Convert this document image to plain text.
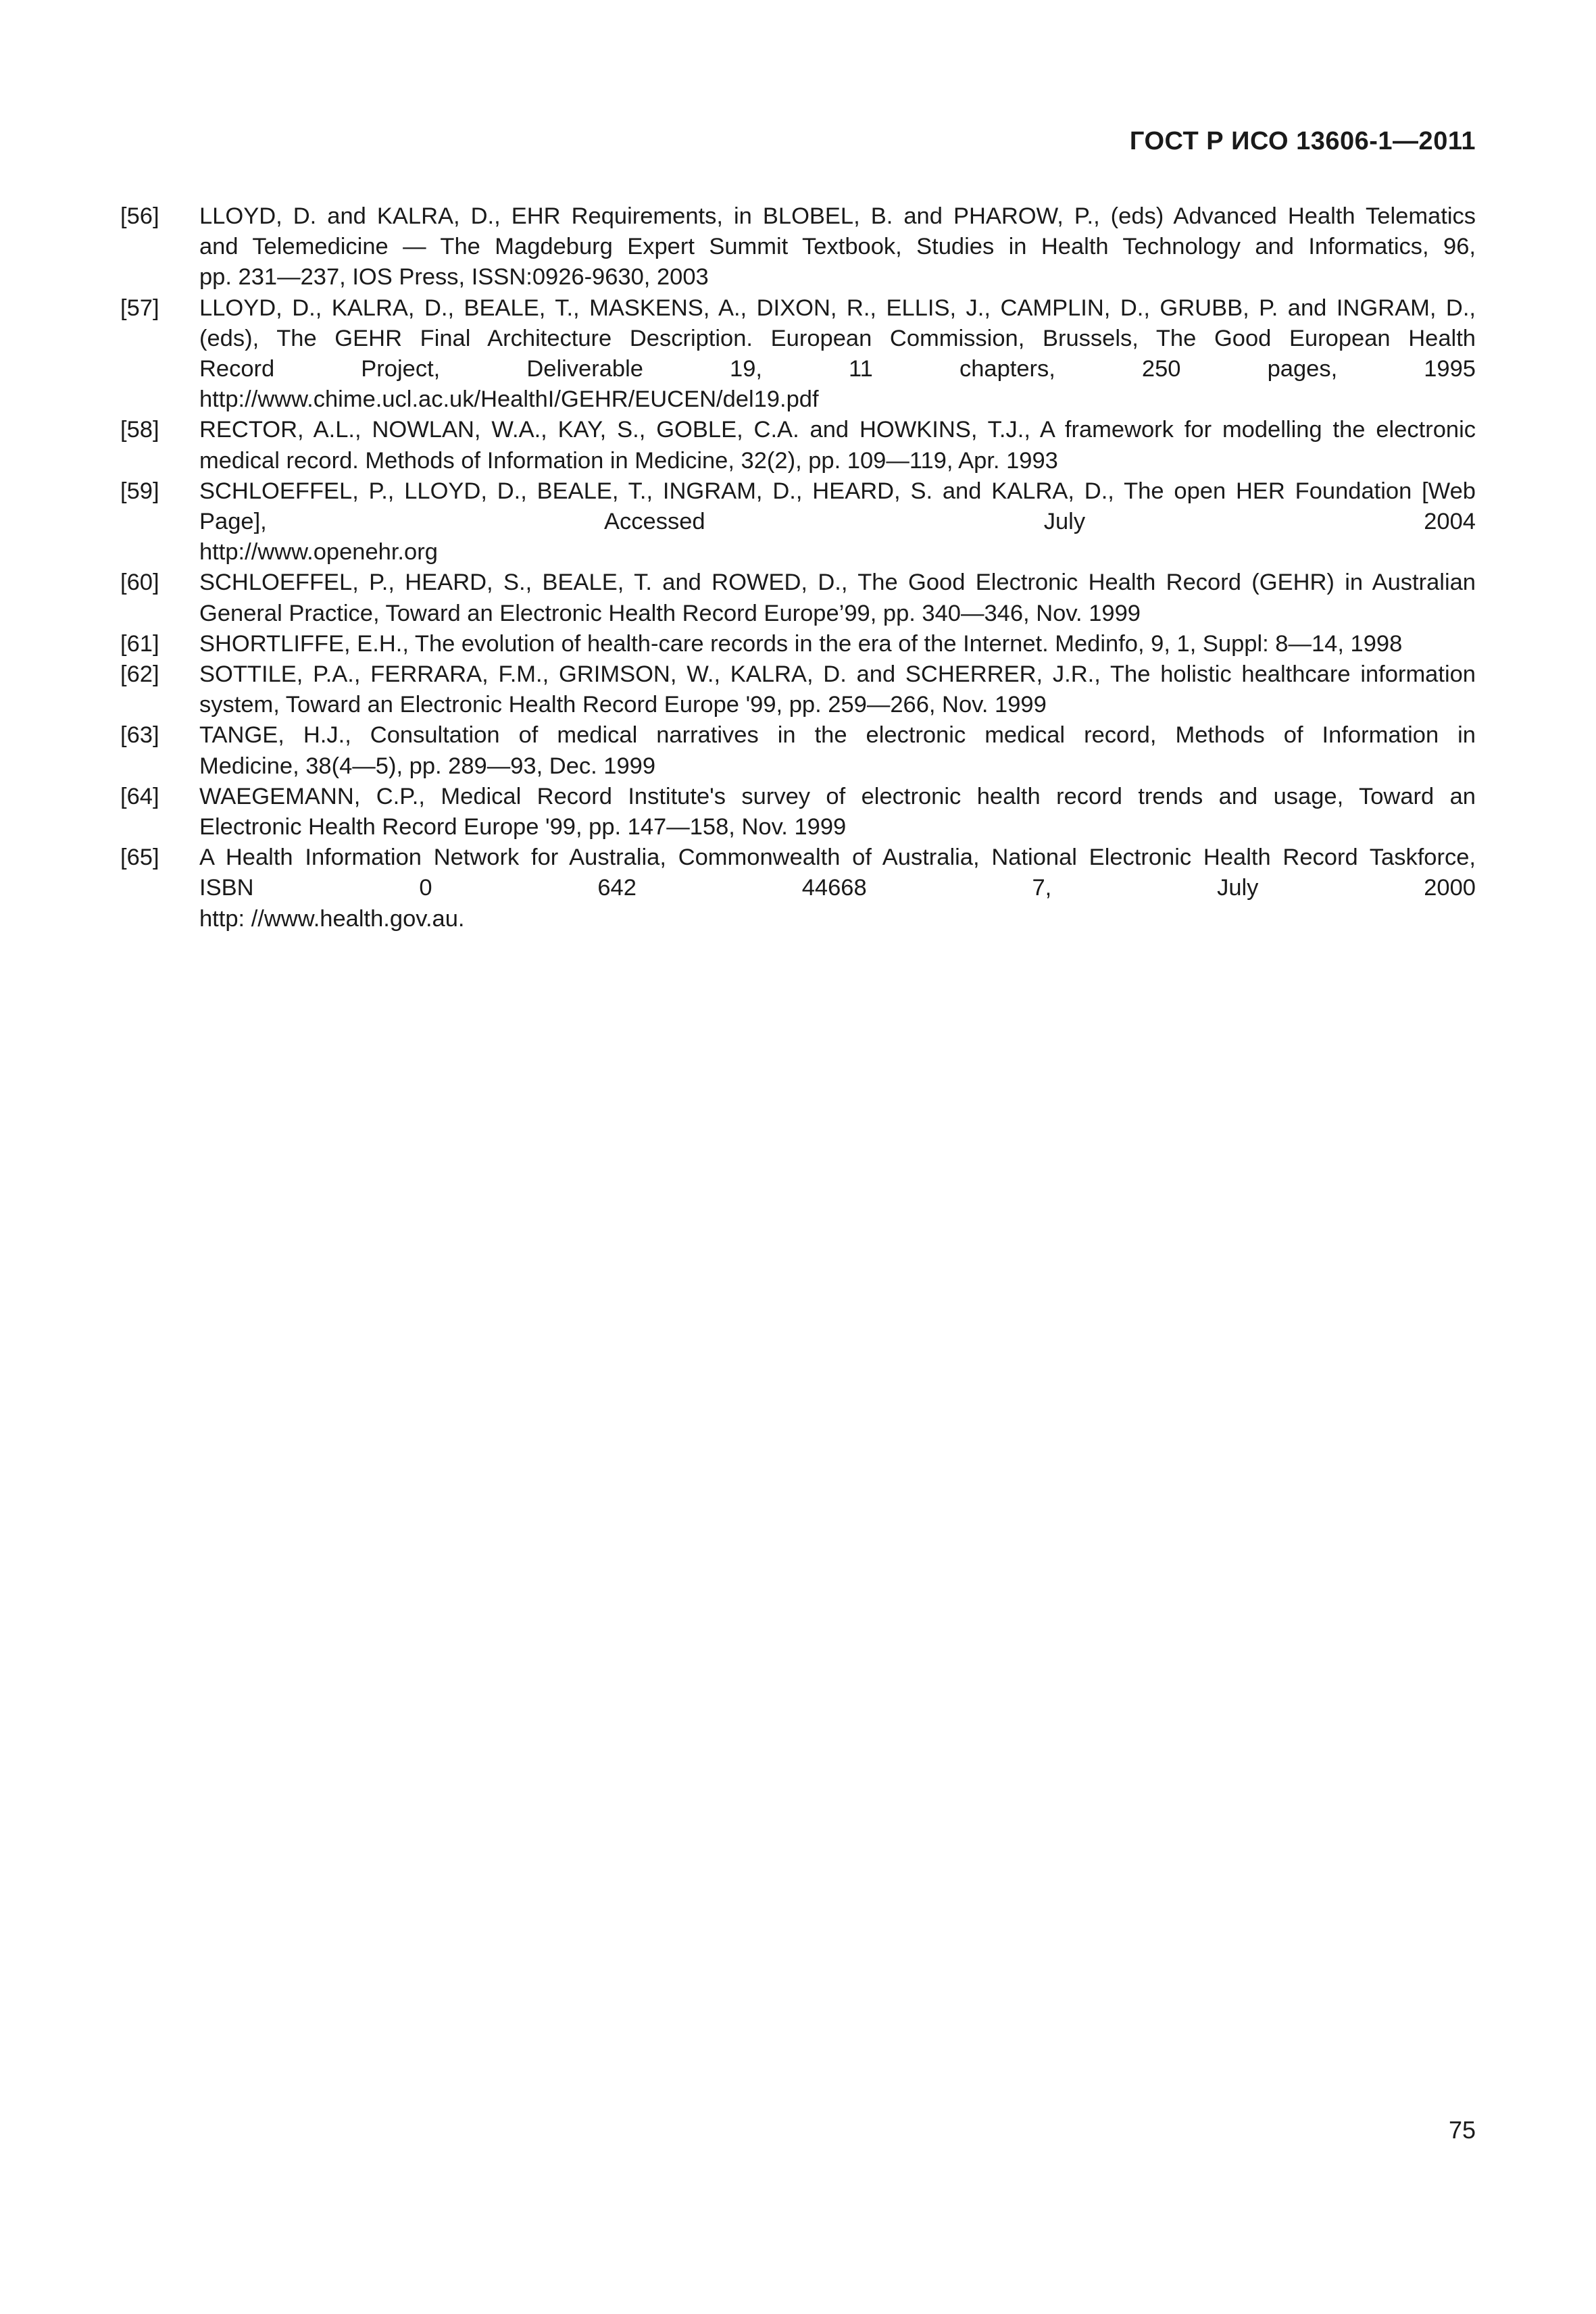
ГОСТ Р ИСО 13606-1—2011
[56] LLOYD, D. and KALRA, D., EHR Requirements, in BLOBEL, B. and PHAROW, P., (eds) Advanced Health Telematics
and Telemedicine — The Magdeburg Expert Summit Textbook, Studies in Health Technology and Informatics, 96,
pp. 231—237, IOS Press, ISSN:0926-9630, 2003
[57] LLOYD, D., KALRA, D., BEALE, T., MASKENS, A., DIXON, R., ELLIS, J., CAMPLIN, D., GRUBB, P. and INGRAM, D.,
(eds), The GEHR Final Architecture Description. European Commission, Brussels, The Good European Health
Record Project, Deliverable 19, 11 chapters, 250 pages, 1995
http://www.chime.ucl.ac.uk/HealthI/GEHR/EUCEN/del19.pdf
[58] RECTOR, A.L., NOWLAN, W.A., KAY, S., GOBLE, C.A. and HOWKINS, T.J., A framework for modelling the electronic
medical record. Methods of Information in Medicine, 32(2), pp. 109—119, Apr. 1993
[59] SCHLOEFFEL, P., LLOYD, D., BEALE, T., INGRAM, D., HEARD, S. and KALRA, D., The open HER Foundation [Web
Page], Accessed July 2004
http://www.openehr.org
[60] SCHLOEFFEL, P., HEARD, S., BEALE, T. and ROWED, D., The Good Electronic Health Record (GEHR) in Australian
General Practice, Toward an Electronic Health Record Europe’99, pp. 340—346, Nov. 1999
[61] SHORTLIFFE, E.H., The evolution of health-care records in the era of the Internet. Medinfo, 9, 1, Suppl: 8—14, 1998
[62] SOTTILE, P.A., FERRARA, F.M., GRIMSON, W., KALRA, D. and SCHERRER, J.R., The holistic healthcare information
system, Toward an Electronic Health Record Europe '99, pp. 259—266, Nov. 1999
[63] TANGE, H.J., Consultation of medical narratives in the electronic medical record, Methods of Information in
Medicine, 38(4—5), pp. 289—93, Dec. 1999
[64] WAEGEMANN, C.P., Medical Record Institute's survey of electronic health record trends and usage, Toward an
Electronic Health Record Europe '99, pp. 147—158, Nov. 1999
[65] A Health Information Network for Australia, Commonwealth of Australia, National Electronic Health Record Taskforce,
ISBN 0 642 44668 7, July 2000
http: //www.health.gov.au.
75
